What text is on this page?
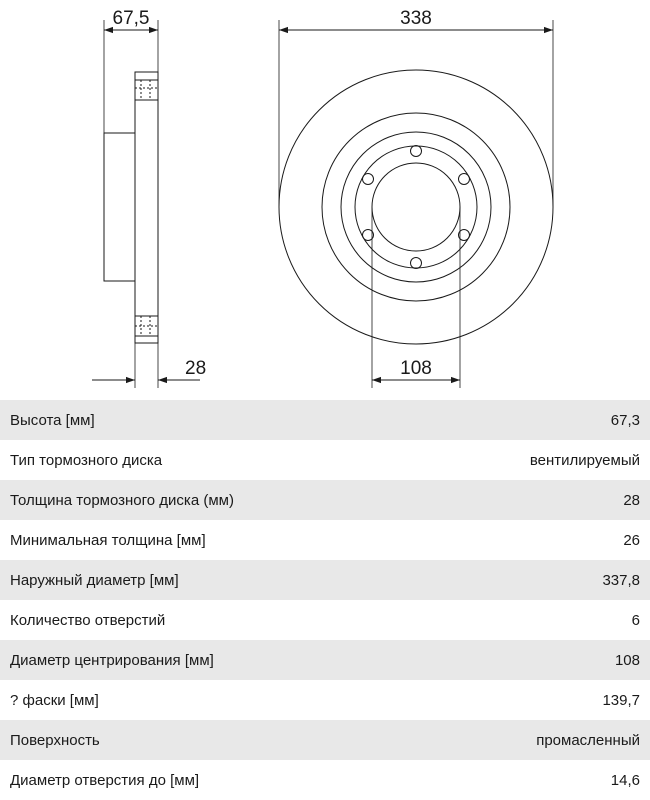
67,5	338
28	108
Высота [мм]	67,3
Тип тормозного диска	вентилируемый
Толщина тормозного диска (мм)	28
Минимальная толщина [мм]	26
Наружный диаметр [мм]	337,8
Количество отверстий	6
Диаметр центрирования [мм]	108
? фаски [мм]	139,7
Поверхность	промасленный
Диаметр отверстия до [мм]	14,6
